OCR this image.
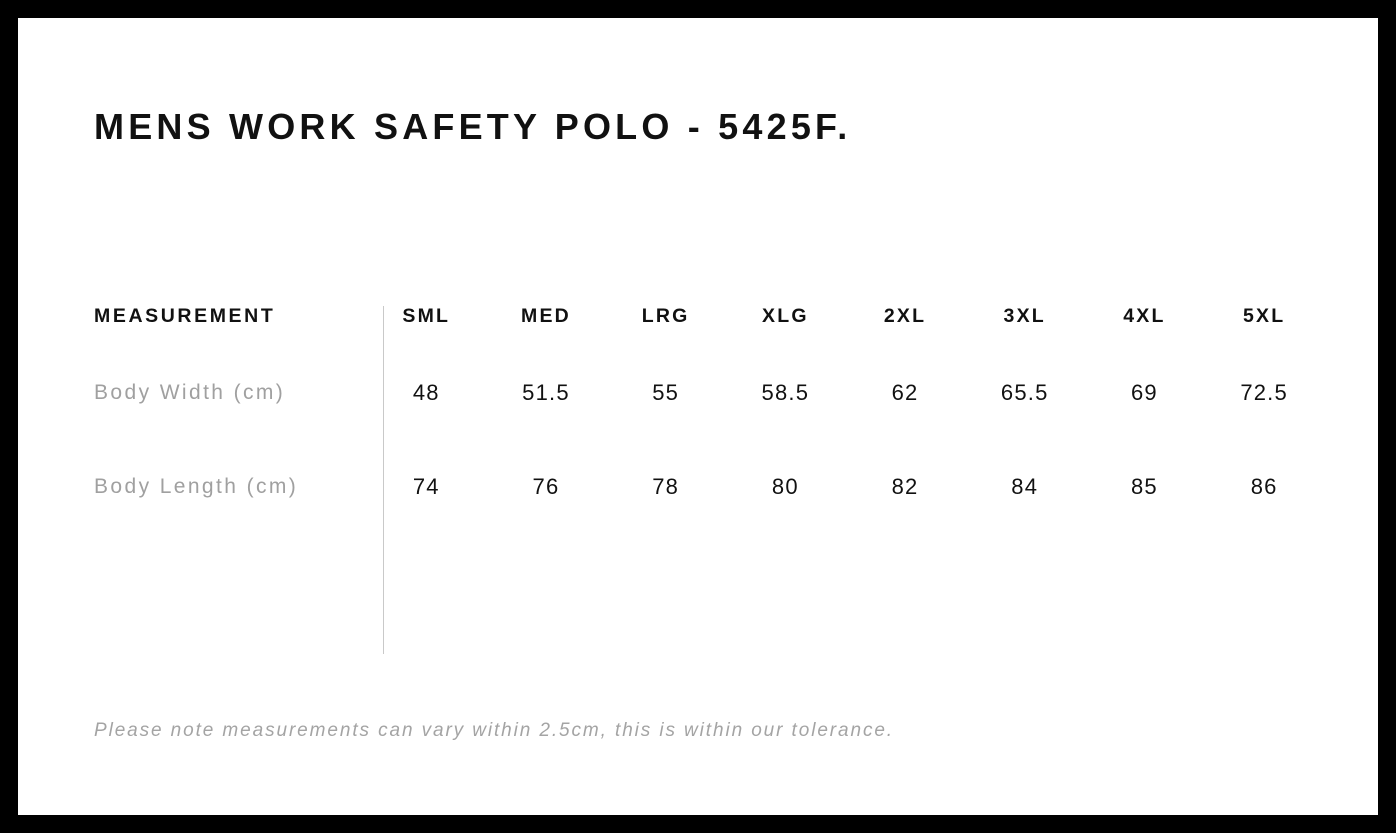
MENS WORK SAFETY POLO - 5425F.
MEASUREMENT	SML	MED	LRG	XLG	2XL	3XL	4XL	5XL
Body Width (cm)	48	51.5	55	58.5	62	65.5	69	72.5
Body Length (cm)	74	76	78	80	82	84	85	86
Please note measurements can vary within 2.5cm, this is within our tolerance.
